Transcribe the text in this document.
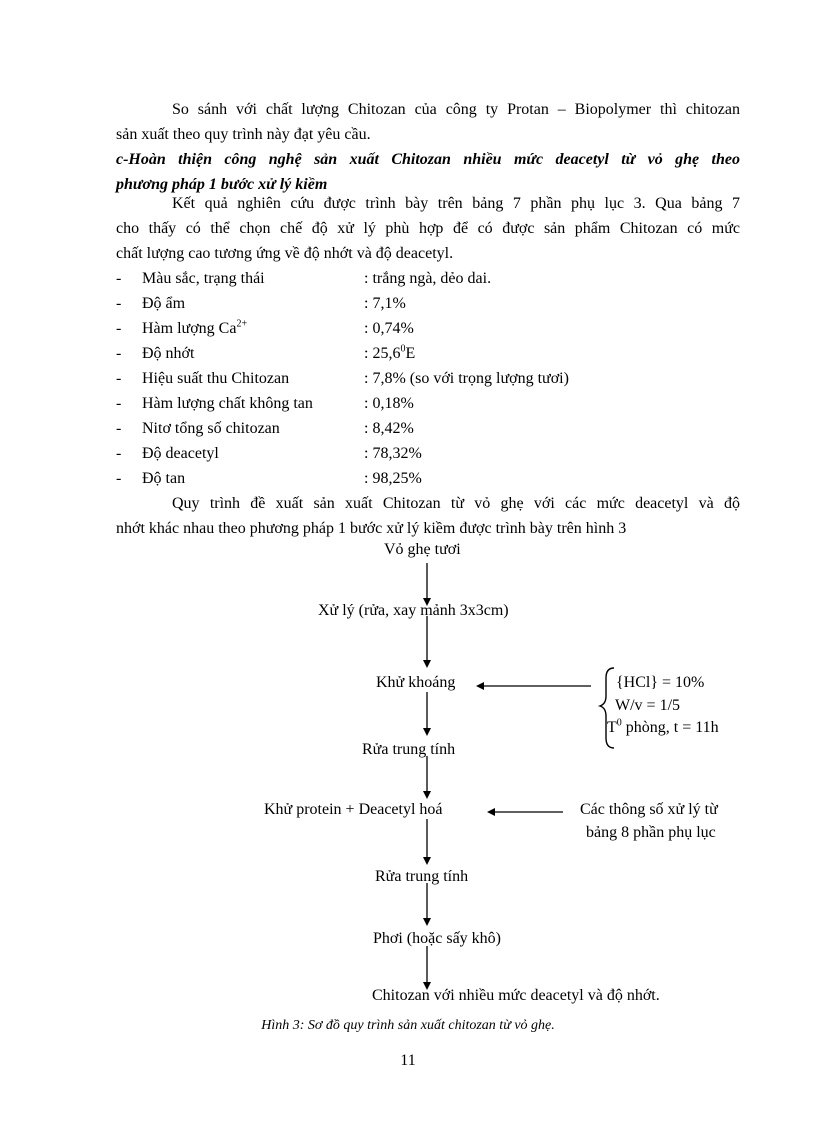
So sánh với chất lượng Chitozan của công ty Protan – Biopolymer thì chitozan
sản xuất theo quy trình này đạt yêu cầu.
c-Hoàn thiện công nghệ sản xuất Chitozan nhiều mức deacetyl từ vỏ ghẹ theo
phương pháp 1 bước xử lý kiềm
Kết quả nghiên cứu được trình bày trên bảng 7 phần phụ lục 3. Qua bảng 7
cho thấy có thể chọn chế độ xử lý phù hợp để có được sản phẩm Chitozan có mức
chất lượng cao tương ứng về độ nhớt và độ deacetyl.
- Màu sắc, trạng thái	: trắng ngà, dẻo dai.
- Độ ẩm	: 7,1%
- Hàm lượng $Ca^{2+}$	: 0,74%
- Độ nhớt	: 25,6$^0$E
- Hiệu suất thu Chitozan	: 7,8% (so với trọng lượng tươi)
- Hàm lượng chất không tan	: 0,18%
- Nitơ tổng số chitozan	: 8,42%
- Độ deacetyl	: 78,32%
- Độ tan	: 98,25%
Quy trình đề xuất sản xuất Chitozan từ vỏ ghẹ với các mức deacetyl và độ
nhớt khác nhau theo phương pháp 1 bước xử lý kiềm được trình bày trên hình 3
Vỏ ghẹ tươi
Xử lý (rửa, xay mảnh 3x3cm)
Khử khoáng
Rửa trung tính
Khử protein + Deacetyl hoá
Rửa trung tính
Phơi (hoặc sấy khô)
Chitozan với nhiều mức deacetyl và độ nhớt.
{HCl} = 10%
W/v = 1/5
$T^0$ phòng, t = 11h
Các thông số xử lý từ
bảng 8 phần phụ lục
Hình 3: Sơ đồ quy trình sản xuất chitozan từ vỏ ghẹ.
11
